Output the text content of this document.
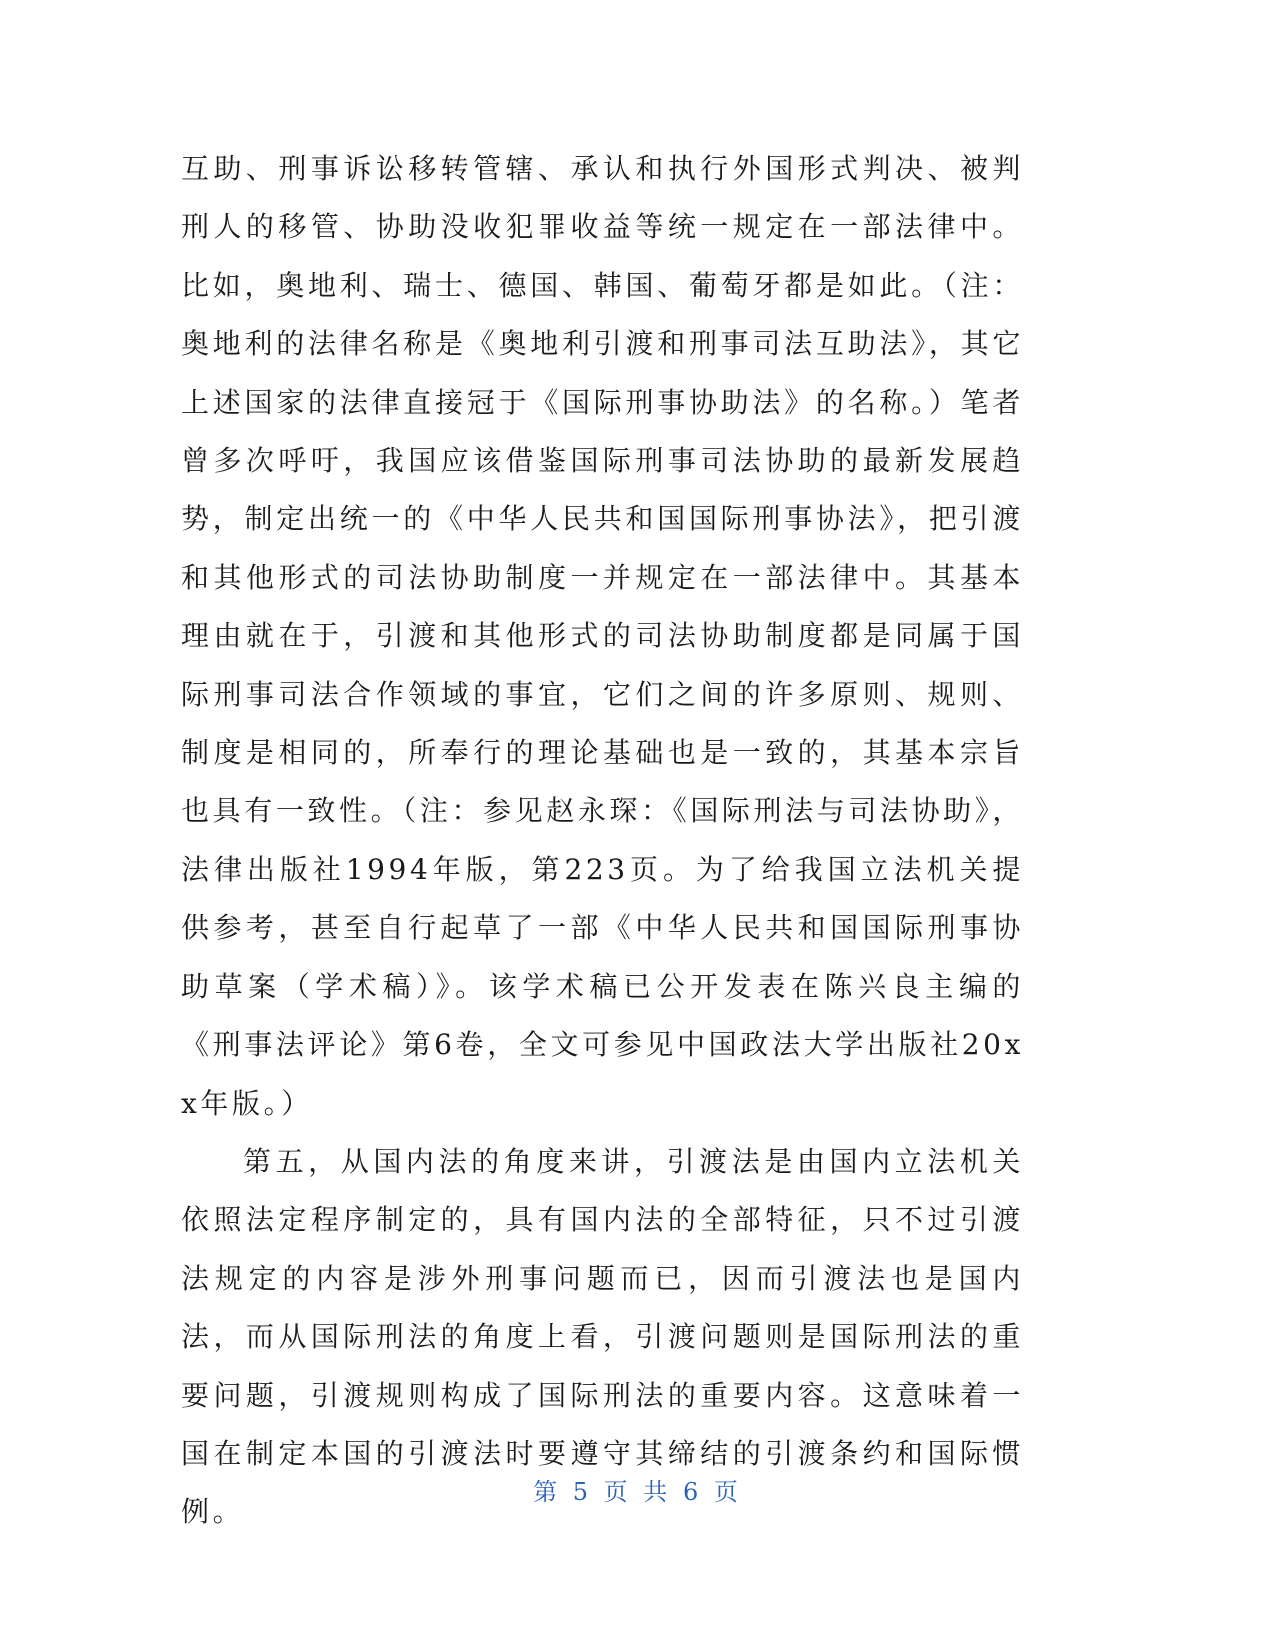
互助、刑事诉讼移转管辖、承认和执行外国形式判决、被判刑人的移管、协助没收犯罪收益等统一规定在一部法律中。比如，奥地利、瑞士、德国、韩国、葡萄牙都是如此。（注：奥地利的法律名称是《奥地利引渡和刑事司法互助法》，其它上述国家的法律直接冠于《国际刑事协助法》的名称。）笔者曾多次呼吁，我国应该借鉴国际刑事司法协助的最新发展趋势，制定出统一的《中华人民共和国国际刑事协法》，把引渡和其他形式的司法协助制度一并规定在一部法律中。其基本理由就在于，引渡和其他形式的司法协助制度都是同属于国际刑事司法合作领域的事宜，它们之间的许多原则、规则、制度是相同的，所奉行的理论基础也是一致的，其基本宗旨也具有一致性。（注：参见赵永琛：《国际刑法与司法协助》，法律出版社1994年版，第223页。为了给我国立法机关提供参考，甚至自行起草了一部《中华人民共和国国际刑事协助草案（学术稿）》。该学术稿已公开发表在陈兴良主编的《刑事法评论》第6卷，全文可参见中国政法大学出版社20xx年版。）

第五，从国内法的角度来讲，引渡法是由国内立法机关依照法定程序制定的，具有国内法的全部特征，只不过引渡法规定的内容是涉外刑事问题而已，因而引渡法也是国内法，而从国际刑法的角度上看，引渡问题则是国际刑法的重要问题，引渡规则构成了国际刑法的重要内容。这意味着一国在制定本国的引渡法时要遵守其缔结的引渡条约和国际惯例。

第 5 页 共 6 页
